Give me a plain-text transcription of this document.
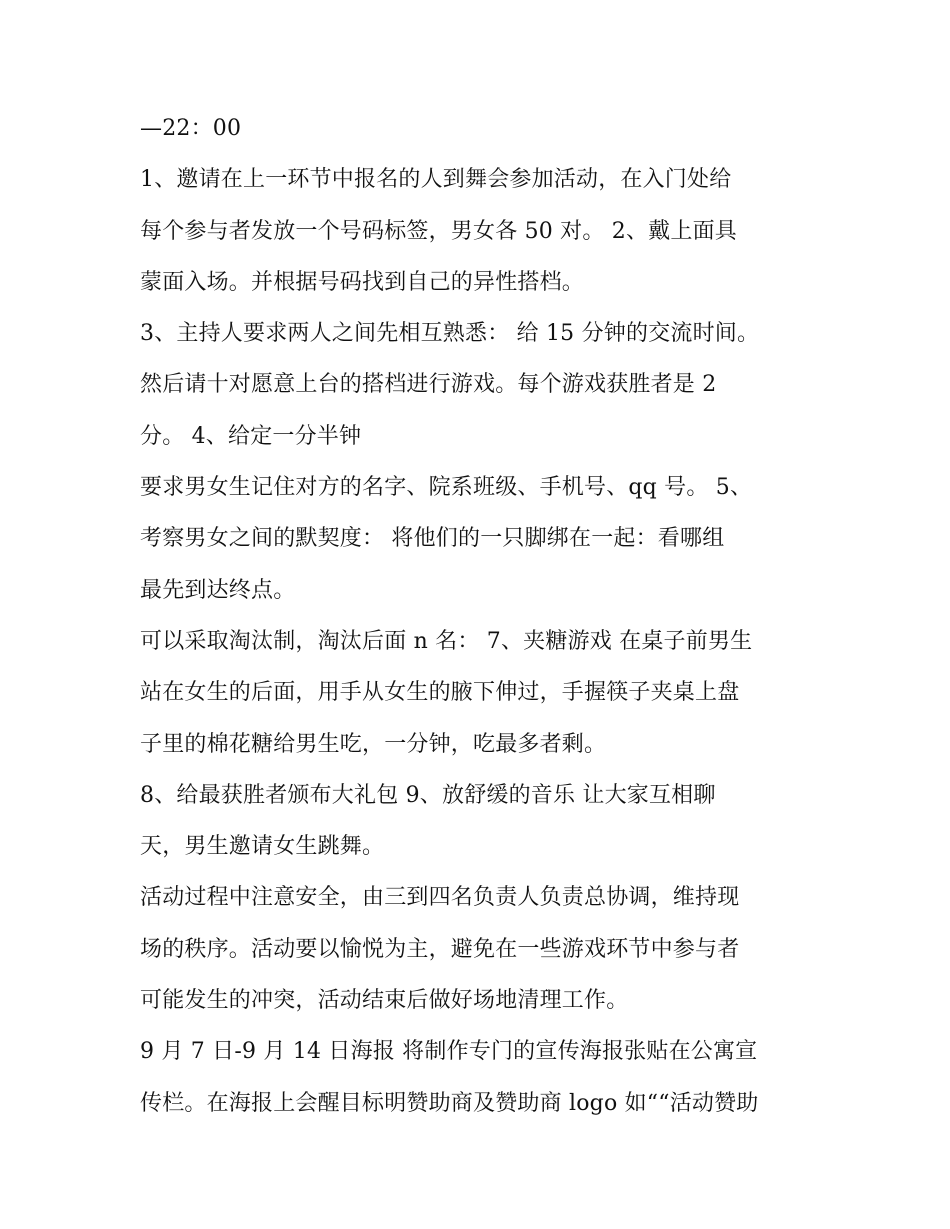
—22：00
1、邀请在上一环节中报名的人到舞会参加活动，在入门处给
每个参与者发放一个号码标签，男女各 50 对。 2、戴上面具
蒙面入场。并根据号码找到自己的异性搭档。
3、主持人要求两人之间先相互熟悉： 给 15 分钟的交流时间。
然后请十对愿意上台的搭档进行游戏。每个游戏获胜者是 2
分。 4、给定一分半钟
要求男女生记住对方的名字、院系班级、手机号、qq 号。 5、
考察男女之间的默契度： 将他们的一只脚绑在一起：看哪组
最先到达终点。
可以采取淘汰制，淘汰后面 n 名： 7、夹糖游戏 在桌子前男生
站在女生的后面，用手从女生的腋下伸过，手握筷子夹桌上盘
子里的棉花糖给男生吃，一分钟，吃最多者剩。
8、给最获胜者颁布大礼包 9、放舒缓的音乐 让大家互相聊
天，男生邀请女生跳舞。
活动过程中注意安全，由三到四名负责人负责总协调，维持现
场的秩序。活动要以愉悦为主，避免在一些游戏环节中参与者
可能发生的冲突，活动结束后做好场地清理工作。
9 月 7 日-9 月 14 日海报 将制作专门的宣传海报张贴在公寓宣
传栏。在海报上会醒目标明赞助商及赞助商 logo 如““活动赞助
